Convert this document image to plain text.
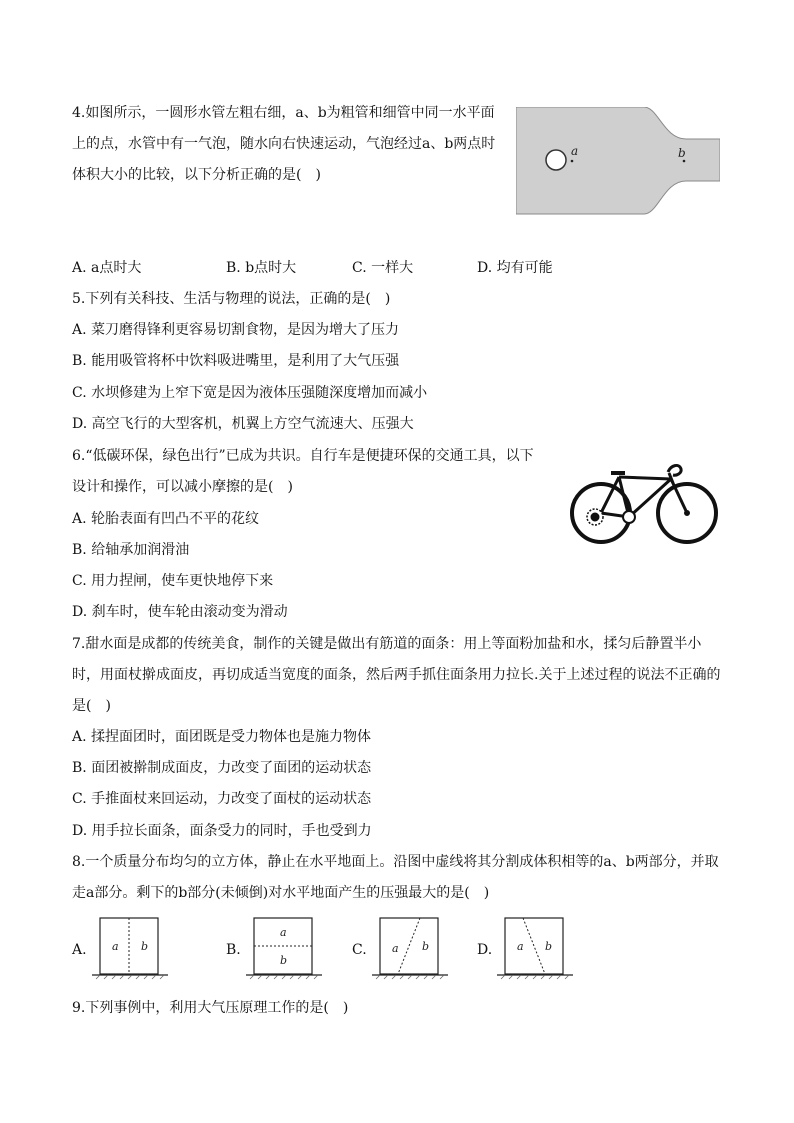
4.如图所示，一圆形水管左粗右细，a、b为粗管和细管中同一水平面
上的点，水管中有一气泡，随水向右快速运动，气泡经过a、b两点时
体积大小的比较，以下分析正确的是(　)
a	b
A. a点时大	B. b点时大	C. 一样大	D. 均有可能
5.下列有关科技、生活与物理的说法，正确的是(　)
A. 菜刀磨得锋利更容易切割食物，是因为增大了压力
B. 能用吸管将杯中饮料吸进嘴里，是利用了大气压强
C. 水坝修建为上窄下宽是因为液体压强随深度增加而减小
D. 高空飞行的大型客机，机翼上方空气流速大、压强大
6.“低碳环保，绿色出行”已成为共识。自行车是便捷环保的交通工具，以下
设计和操作，可以减小摩擦的是(　)
A. 轮胎表面有凹凸不平的花纹
B. 给轴承加润滑油
C. 用力捏闸，使车更快地停下来
D. 刹车时，使车轮由滚动变为滑动
7.甜水面是成都的传统美食，制作的关键是做出有筋道的面条：用上等面粉加盐和水，揉匀后静置半小
时，用面杖擀成面皮，再切成适当宽度的面条，然后两手抓住面条用力拉长.关于上述过程的说法不正确的
是(　)
A. 揉捏面团时，面团既是受力物体也是施力物体
B. 面团被擀制成面皮，力改变了面团的运动状态
C. 手推面杖来回运动，力改变了面杖的运动状态
D. 用手拉长面条，面条受力的同时，手也受到力
8.一个质量分布均匀的立方体，静止在水平地面上。沿图中虚线将其分割成体积相等的a、b两部分，并取
走a部分。剩下的b部分(未倾倒)对水平地面产生的压强最大的是(　)
A. a b	B.
a
b
C. a b	D. a b
9.下列事例中，利用大气压原理工作的是(　)
